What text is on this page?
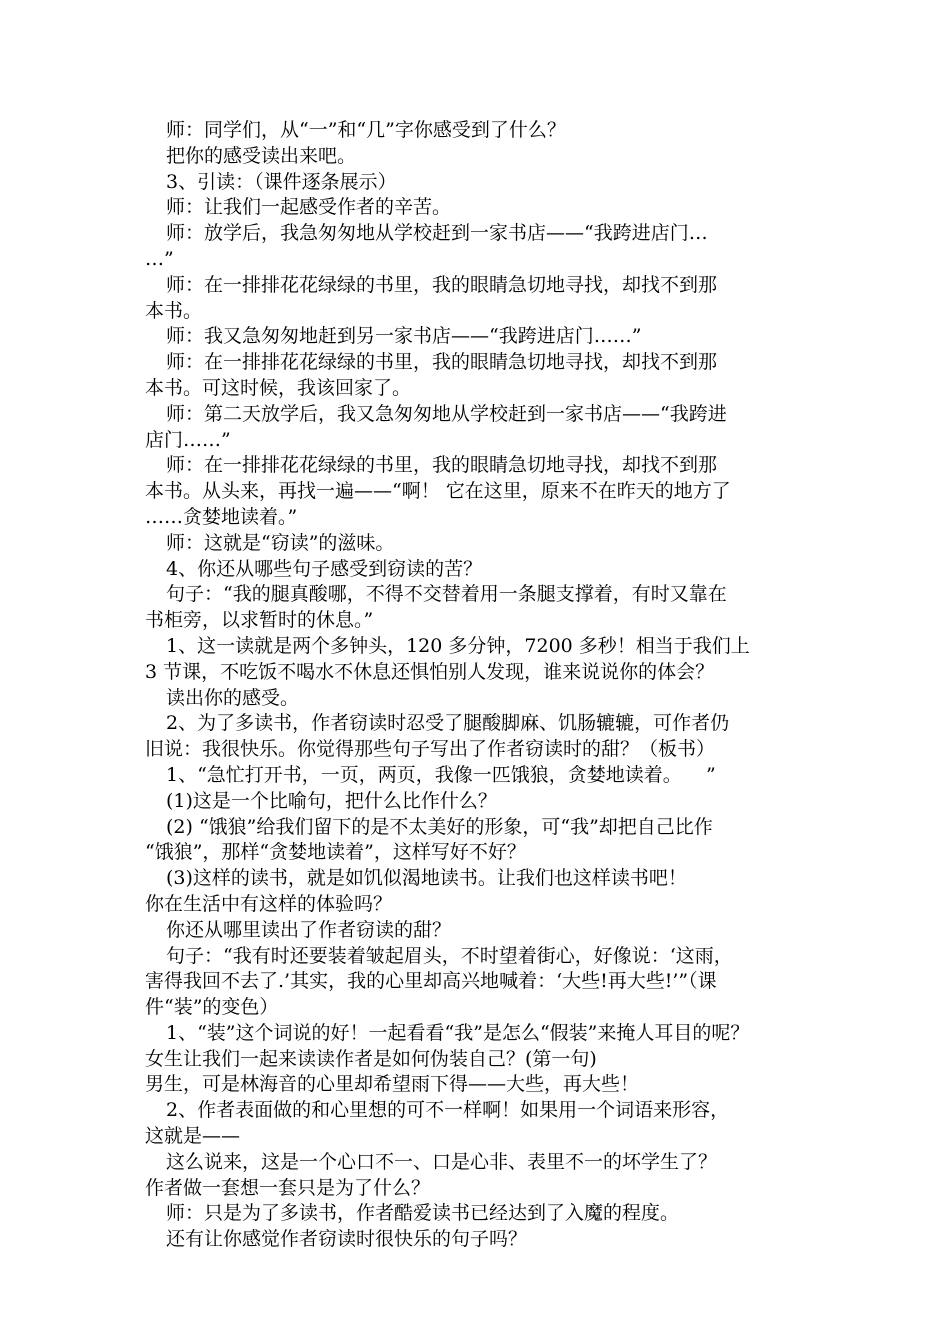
师：同学们，从“一”和“几”字你感受到了什么？
把你的感受读出来吧。
3、引读：（课件逐条展示）
师：让我们一起感受作者的辛苦。
师：放学后，我急匆匆地从学校赶到一家书店——“我跨进店门…
…”
师：在一排排花花绿绿的书里，我的眼睛急切地寻找，却找不到那
本书。
师：我又急匆匆地赶到另一家书店——“我跨进店门……”
师：在一排排花花绿绿的书里，我的眼睛急切地寻找，却找不到那
本书。可这时候，我该回家了。
师：第二天放学后，我又急匆匆地从学校赶到一家书店——“我跨进
店门……”
师：在一排排花花绿绿的书里，我的眼睛急切地寻找，却找不到那
本书。从头来，再找一遍——“啊！ 它在这里，原来不在昨天的地方了
……贪婪地读着。”
师：这就是“窃读”的滋味。
4、你还从哪些句子感受到窃读的苦？
句子：“我的腿真酸哪，不得不交替着用一条腿支撑着，有时又靠在
书柜旁，以求暂时的休息。”
1、这一读就是两个多钟头，120 多分钟，7200 多秒！相当于我们上
3 节课，不吃饭不喝水不休息还惧怕别人发现，谁来说说你的体会？
读出你的感受。
2、为了多读书，作者窃读时忍受了腿酸脚麻、饥肠辘辘，可作者仍
旧说：我很快乐。你觉得那些句子写出了作者窃读时的甜？（板书）
1、“急忙打开书，一页，两页，我像一匹饿狼，贪婪地读着。    ”
(1)这是一个比喻句，把什么比作什么？
(2) “饿狼”给我们留下的是不太美好的形象，可“我”却把自己比作
“饿狼”，那样“贪婪地读着”，这样写好不好？
(3)这样的读书，就是如饥似渴地读书。让我们也这样读书吧！
你在生活中有这样的体验吗？
你还从哪里读出了作者窃读的甜？
句子：“我有时还要装着皱起眉头，不时望着街心，好像说：‘这雨，
害得我回不去了.’其实，我的心里却高兴地喊着：‘大些!再大些!’”（课
件“装”的变色）
1、“装”这个词说的好！一起看看“我”是怎么“假装”来掩人耳目的呢？
女生让我们一起来读读作者是如何伪装自己？(第一句)
男生，可是林海音的心里却希望雨下得——大些，再大些！
2、作者表面做的和心里想的可不一样啊！如果用一个词语来形容，
这就是——
这么说来，这是一个心口不一、口是心非、表里不一的坏学生了？
作者做一套想一套只是为了什么？
师：只是为了多读书，作者酷爱读书已经达到了入魔的程度。
还有让你感觉作者窃读时很快乐的句子吗？
